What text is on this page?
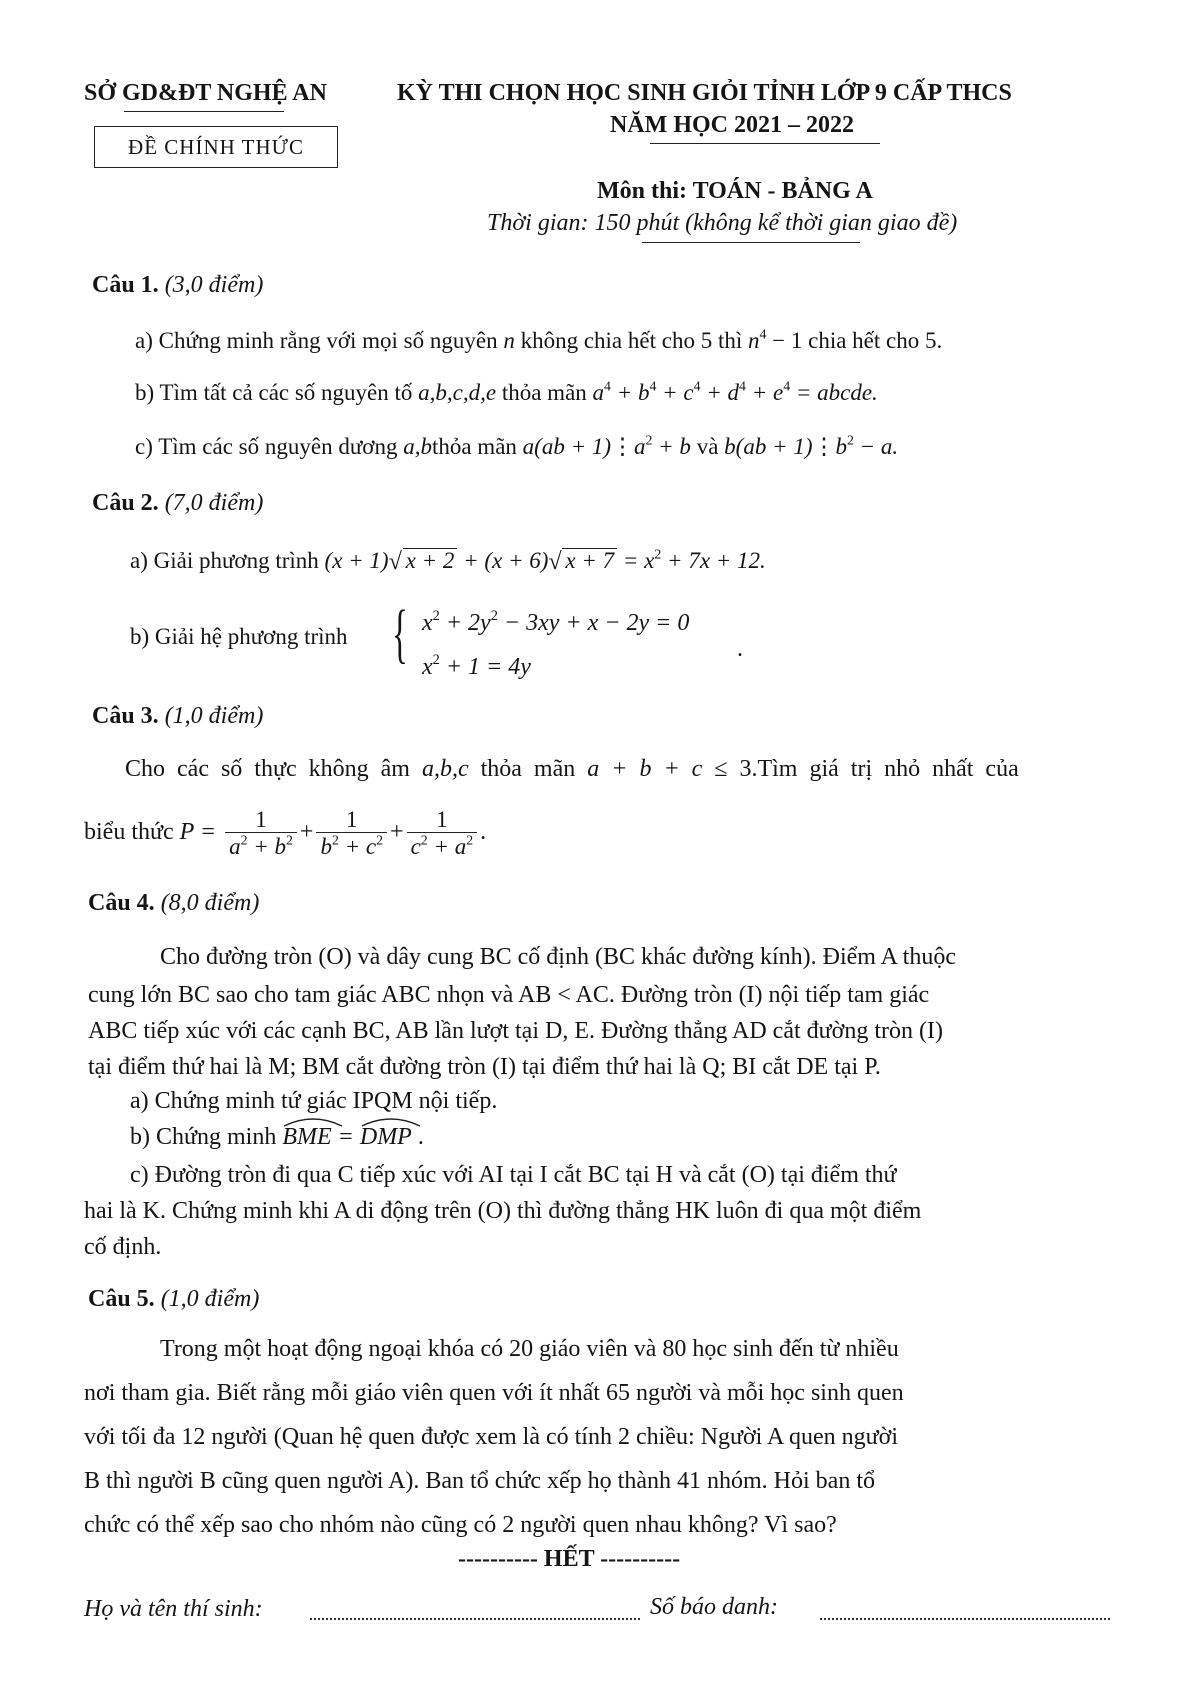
SỞ GD&ĐT NGHỆ AN	KỲ THI CHỌN HỌC SINH GIỎI TỈNH LỚP 9 CẤP THCS
NĂM HỌC 2021 – 2022
ĐỀ CHÍNH THỨC
Môn thi: TOÁN - BẢNG A
Thời gian: 150 phút (không kể thời gian giao đề)
Câu 1. (3,0 điểm)
a) Chứng minh rằng với mọi số nguyên n không chia hết cho 5 thì $n^4 - 1$ chia hết cho 5.
b) Tìm tất cả các số nguyên tố a,b,c,d,e thỏa mãn $a^4 + b^4 + c^4 + d^4 + e^4$ = abcde.
c) Tìm các số nguyên dương a,bthỏa mãn $a(ab + 1)⋮a^2 + b$ và $b(ab + 1)⋮b^2 - a$.
Câu 2. (7,0 điểm)
a) Giải phương trình (x + 1) √ x + 2 + (x + 6) √ $x + 7 = x^2 + 7x + 12$.
b) Giải hệ phương trình { $x^2 + 2y^2 - 3xy + x - 2y = 0$
$x^2 + 1 = 4y$
.
Câu 3. (1,0 điểm)
Cho các số thực không âm a,b,c thỏa mãn a + b + c ≤ 3.Tìm giá trị nhỏ nhất của
biểu thức $P = \frac{1}{a^2 + b^2} + \frac{1}{b^2 + c^2} + \frac{1}{c^2 + a^2}$ .
Câu 4. (8,0 điểm)
Cho đường tròn (O) và dây cung BC cố định (BC khác đường kính). Điểm A thuộc
cung lớn BC sao cho tam giác ABC nhọn và AB < AC. Đường tròn (I) nội tiếp tam giác
ABC tiếp xúc với các cạnh BC, AB lần lượt tại D, E. Đường thẳng AD cắt đường tròn (I)
tại điểm thứ hai là M; BM cắt đường tròn (I) tại điểm thứ hai là Q; BI cắt DE tại P.
a) Chứng minh tứ giác IPQM nội tiếp.
b) Chứng minh BME
= DMP .
c) Đường tròn đi qua C tiếp xúc với AI tại I cắt BC tại H và cắt (O) tại điểm thứ
hai là K. Chứng minh khi A di động trên (O) thì đường thẳng HK luôn đi qua một điểm
cố định.
Câu 5. (1,0 điểm)
Trong một hoạt động ngoại khóa có 20 giáo viên và 80 học sinh đến từ nhiều
nơi tham gia. Biết rằng mỗi giáo viên quen với ít nhất 65 người và mỗi học sinh quen
với tối đa 12 người (Quan hệ quen được xem là có tính 2 chiều: Người A quen người
B thì người B cũng quen người A). Ban tổ chức xếp họ thành 41 nhóm. Hỏi ban tổ
chức có thể xếp sao cho nhóm nào cũng có 2 người quen nhau không? Vì sao?
---------- HẾT ----------
Họ và tên thí sinh:	Số báo danh:
